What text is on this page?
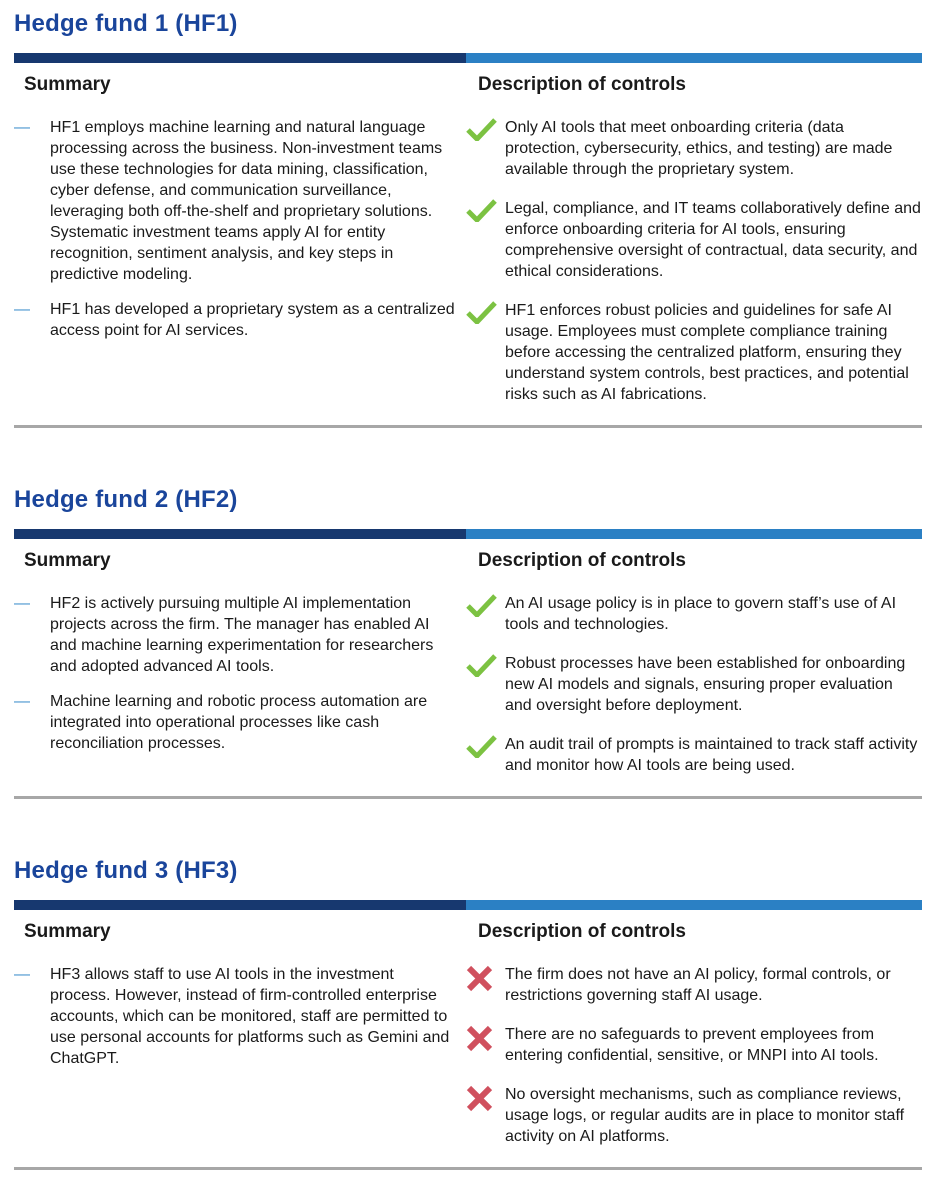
Hedge fund 1 (HF1)
Summary
—	HF1 employs machine learning and natural language processing across the business. Non-investment teams use these technologies for data mining, classification, cyber defense, and communication surveillance, leveraging both off-the-shelf and proprietary solutions. Systematic investment teams apply AI for entity recognition, sentiment analysis, and key steps in predictive modeling.
—	HF1 has developed a proprietary system as a centralized access point for AI services.
Description of controls
Only AI tools that meet onboarding criteria (data protection, cybersecurity, ethics, and testing) are made available through the proprietary system.
Legal, compliance, and IT teams collaboratively define and enforce onboarding criteria for AI tools, ensuring comprehensive oversight of contractual, data security, and ethical considerations.
HF1 enforces robust policies and guidelines for safe AI usage. Employees must complete compliance training before accessing the centralized platform, ensuring they understand system controls, best practices, and potential risks such as AI fabrications.
Hedge fund 2 (HF2)
Summary
—	HF2 is actively pursuing multiple AI implementation projects across the firm. The manager has enabled AI and machine learning experimentation for researchers and adopted advanced AI tools.
—	Machine learning and robotic process automation are integrated into operational processes like cash reconciliation processes.
Description of controls
An AI usage policy is in place to govern staff’s use of AI tools and technologies.
Robust processes have been established for onboarding new AI models and signals, ensuring proper evaluation and oversight before deployment.
An audit trail of prompts is maintained to track staff activity and monitor how AI tools are being used.
Hedge fund 3 (HF3)
Summary
—	HF3 allows staff to use AI tools in the investment process. However, instead of firm-controlled enterprise accounts, which can be monitored, staff are permitted to use personal accounts for platforms such as Gemini and ChatGPT.
Description of controls
The firm does not have an AI policy, formal controls, or restrictions governing staff AI usage.
There are no safeguards to prevent employees from entering confidential, sensitive, or MNPI into AI tools.
No oversight mechanisms, such as compliance reviews, usage logs, or regular audits are in place to monitor staff activity on AI platforms.
